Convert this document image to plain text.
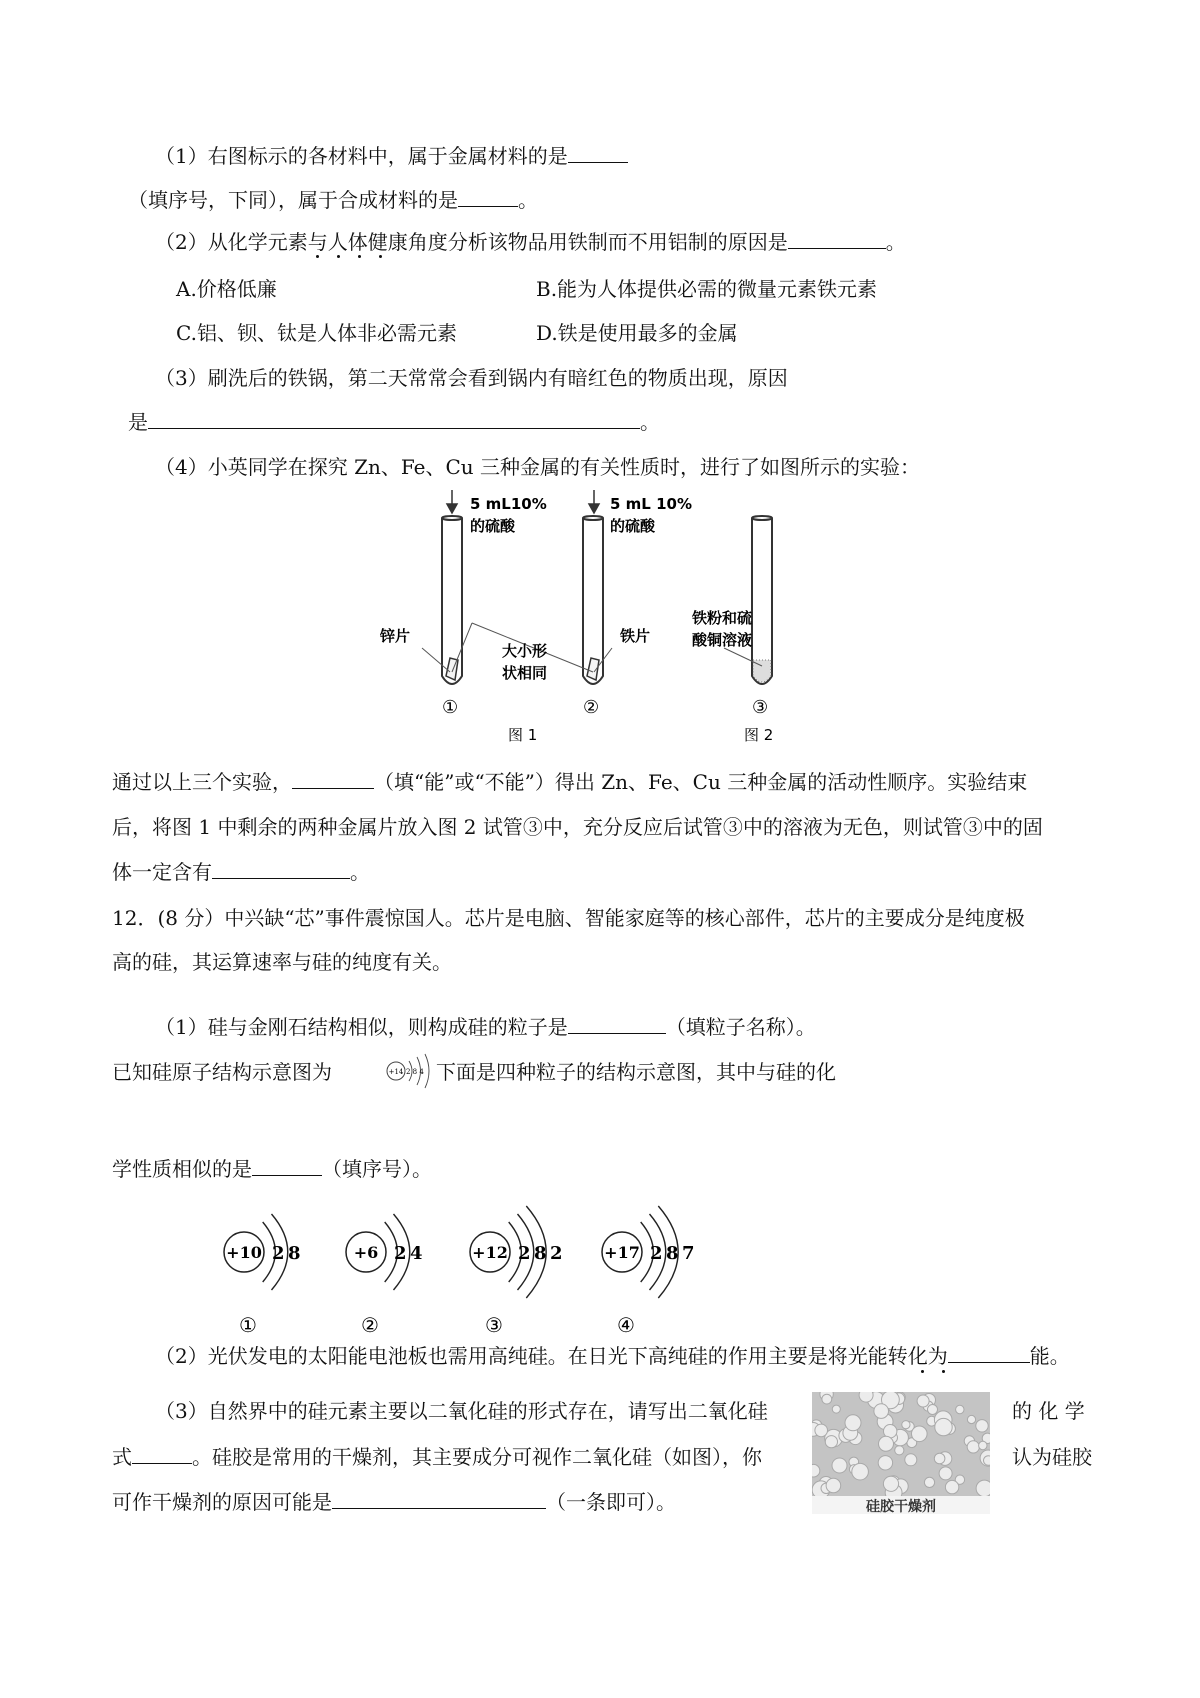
（1）右图标示的各材料中，属于金属材料的是
（填序号，下同），属于合成材料的是	。
（2）从化学元素与人体健康角度分析该物品用铁制而不用铝制的原因是	。
A.价格低廉	B.能为人体提供必需的微量元素铁元素
C.铝、钡、钛是人体非必需元素	D.铁是使用最多的金属
（3）刷洗后的铁锅，第二天常常会看到锅内有暗红色的物质出现，原因
是	。
（4）小英同学在探究 Zn、Fe、Cu 三种金属的有关性质时，进行了如图所示的实验：
5 mL10%
的硫酸
5 mL 10%
的硫酸
锌片	铁片
大小形
状相同
铁粉和硫
酸铜溶液
①	②	③
图 1	图 2
通过以上三个实验，	（填“能”或“不能”）得出 Zn、Fe、Cu 三种金属的活动性顺序。实验结束
后，将图 1 中剩余的两种金属片放入图 2 试管③中，充分反应后试管③中的溶液为无色，则试管③中的固
体一定含有	。
12．(8 分）中兴缺“芯”事件震惊国人。芯片是电脑、智能家庭等的核心部件，芯片的主要成分是纯度极
高的硅，其运算速率与硅的纯度有关。
（1）硅与金刚石结构相似，则构成硅的粒子是	（填粒子名称）。
已知硅原子结构示意图为	下面是四种粒子的结构示意图，其中与硅的化
+14 2 8 4
学性质相似的是	（填序号）。
+10 2 8
①
+6 2 4
②
+12 2 8 2
③
+17 2 8 7
④
（2）光伏发电的太阳能电池板也需用高纯硅。在日光下高纯硅的作用主要是将光能转化为	能。
（3）自然界中的硅元素主要以二氧化硅的形式存在，请写出二氧化硅	的 化 学
式	。硅胶是常用的干燥剂，其主要成分可视作二氧化硅（如图），你	认为硅胶
可作干燥剂的原因可能是	（一条即可）。	硅胶干燥剂
